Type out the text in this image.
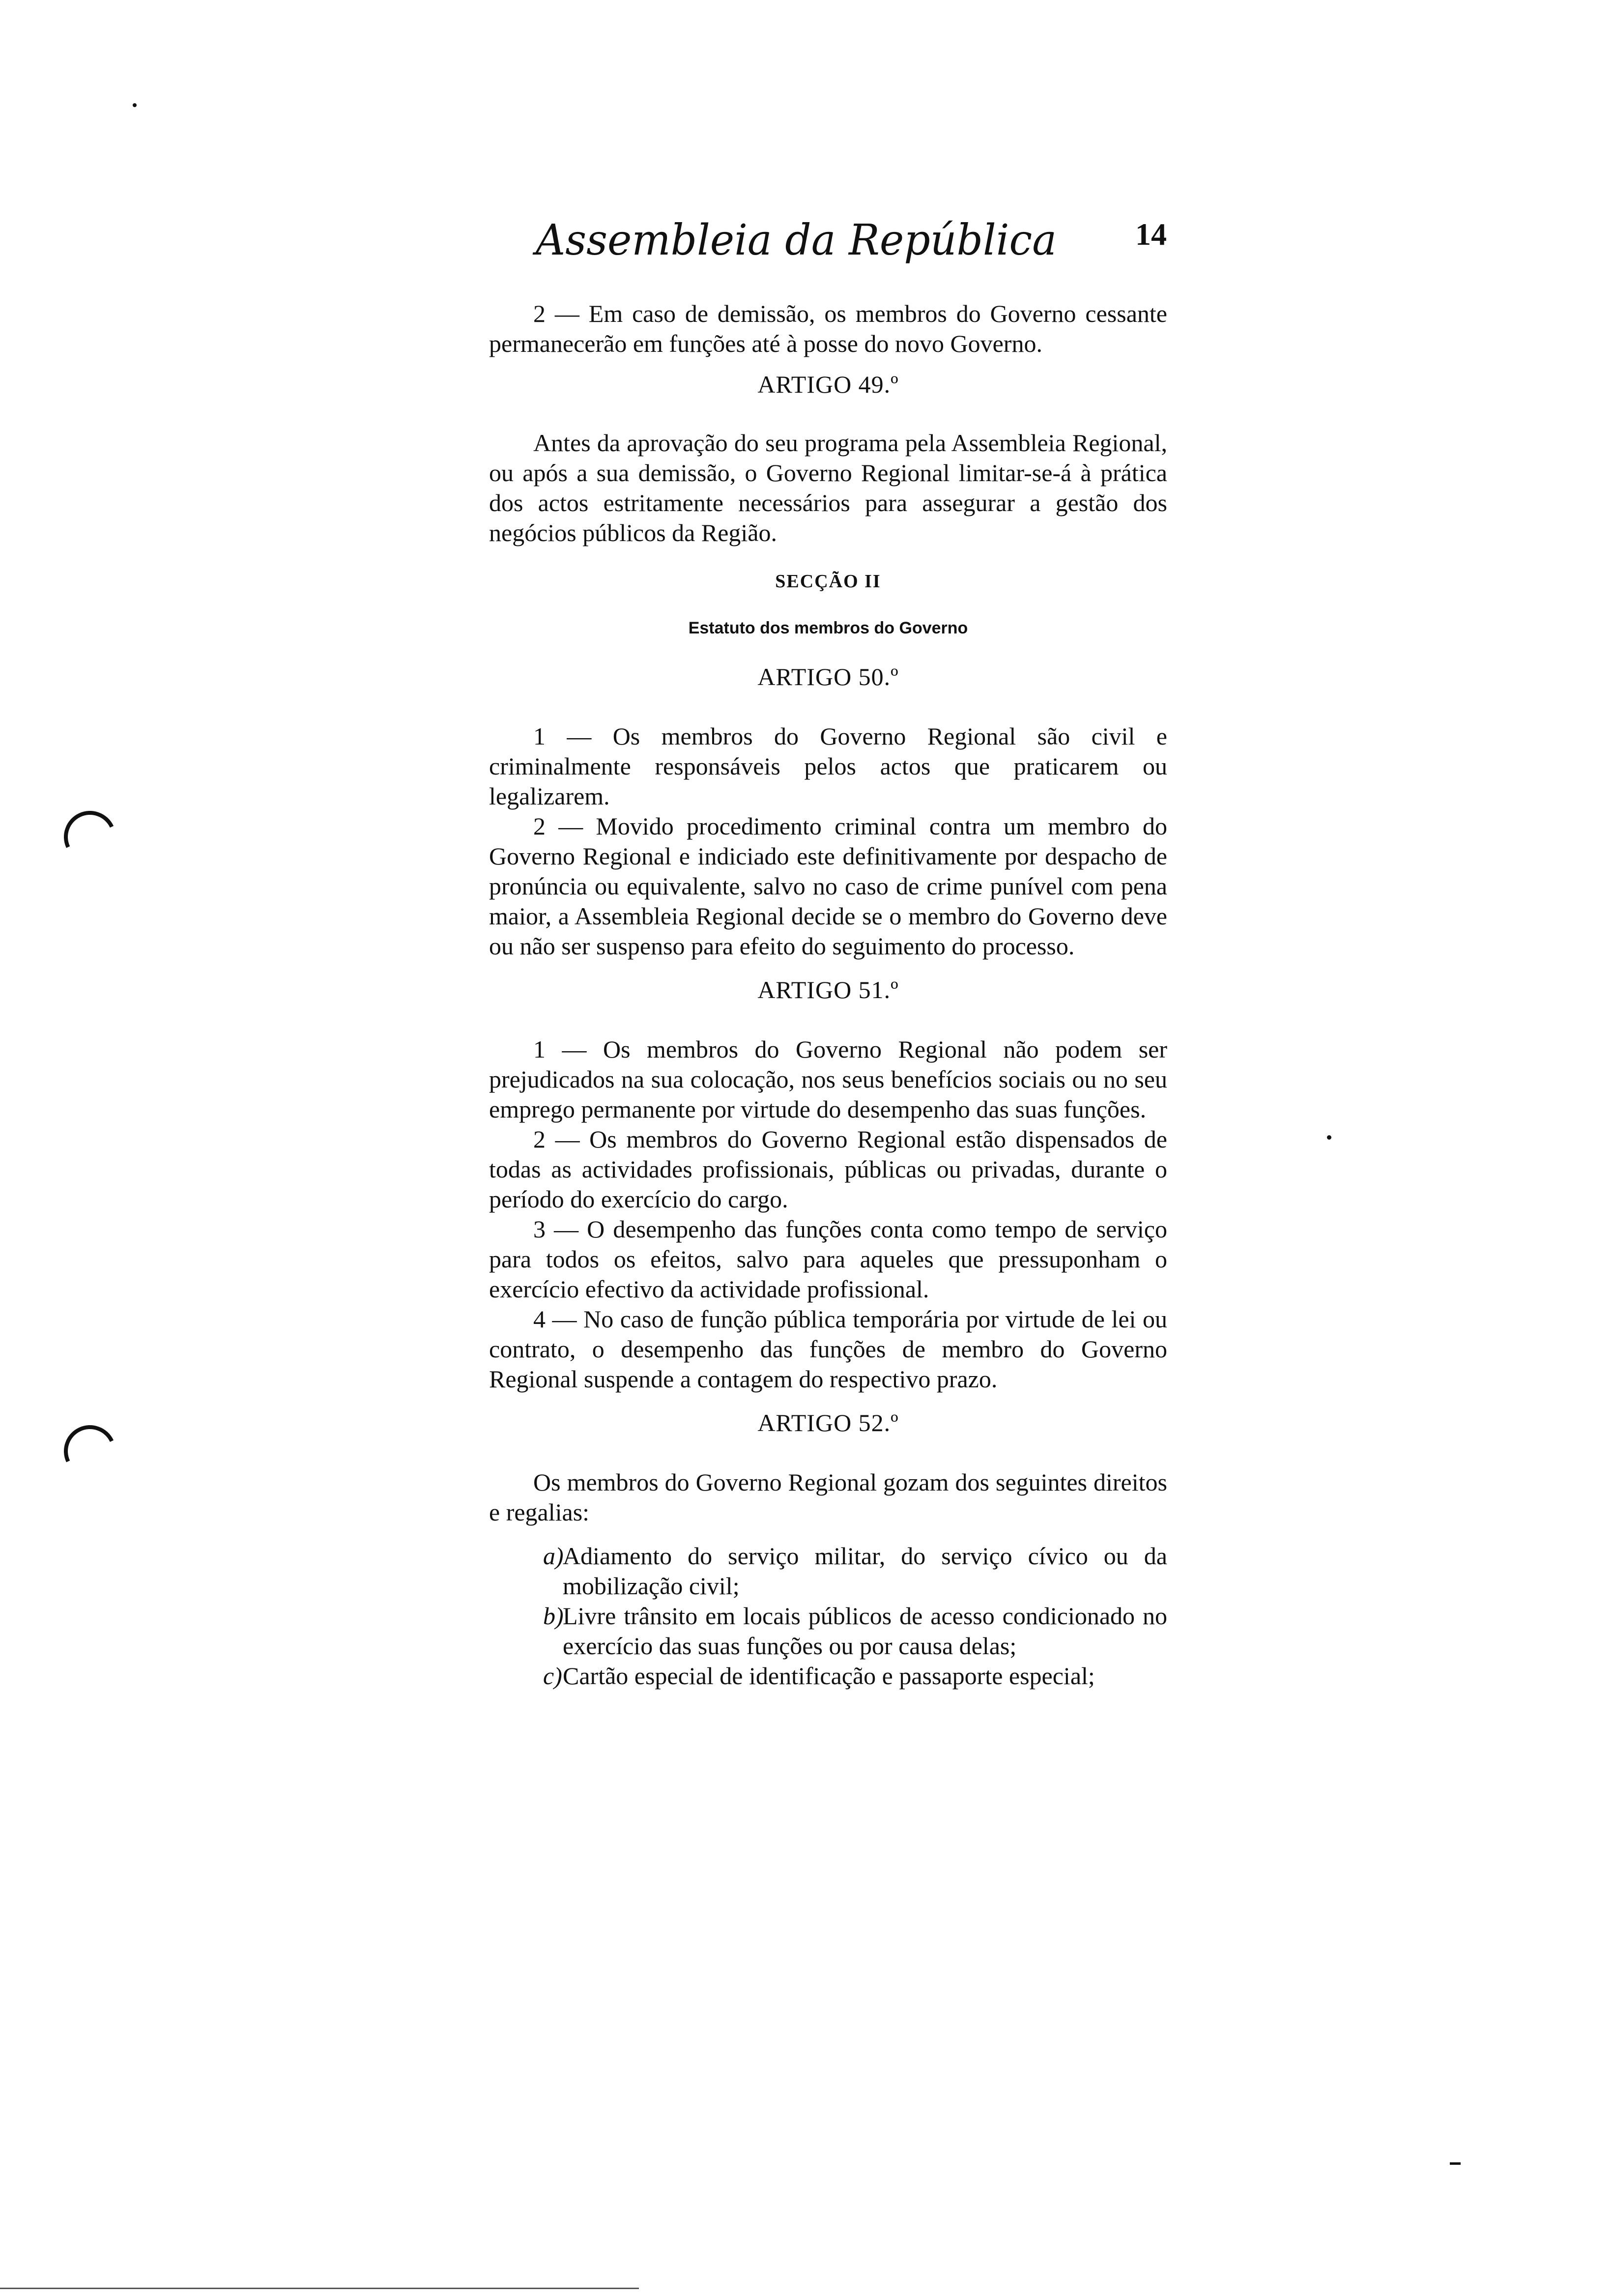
Assembleia da República	14

2 — Em caso de demissão, os membros do Governo cessante permanecerão em funções até à posse do novo Governo.

ARTIGO 49.º

Antes da aprovação do seu programa pela Assembleia Regional, ou após a sua demissão, o Governo Regional limitar-se-á à prática dos actos estritamente necessários para assegurar a gestão dos negócios públicos da Região.

SECÇÃO II
Estatuto dos membros do Governo
ARTIGO 50.º

1 — Os membros do Governo Regional são civil e criminalmente responsáveis pelos actos que praticarem ou legalizarem.

2 — Movido procedimento criminal contra um membro do Governo Regional e indiciado este definitivamente por despacho de pronúncia ou equivalente, salvo no caso de crime punível com pena maior, a Assembleia Regional decide se o membro do Governo deve ou não ser suspenso para efeito do seguimento do processo.

ARTIGO 51.º

1 — Os membros do Governo Regional não podem ser prejudicados na sua colocação, nos seus benefícios sociais ou no seu emprego permanente por virtude do desempenho das suas funções.

2 — Os membros do Governo Regional estão dispensados de todas as actividades profissionais, públicas ou privadas, durante o período do exercício do cargo.

3 — O desempenho das funções conta como tempo de serviço para todos os efeitos, salvo para aqueles que pressuponham o exercício efectivo da actividade profissional.

4 — No caso de função pública temporária por virtude de lei ou contrato, o desempenho das funções de membro do Governo Regional suspende a contagem do respectivo prazo.

ARTIGO 52.º

Os membros do Governo Regional gozam dos seguintes direitos e regalias:

a)
Adiamento do serviço militar, do serviço cívico ou da mobilização civil;
b)
Livre trânsito em locais públicos de acesso condicionado no exercício das suas funções ou por causa delas;
c) Cartão especial de identificação e passaporte especial;
